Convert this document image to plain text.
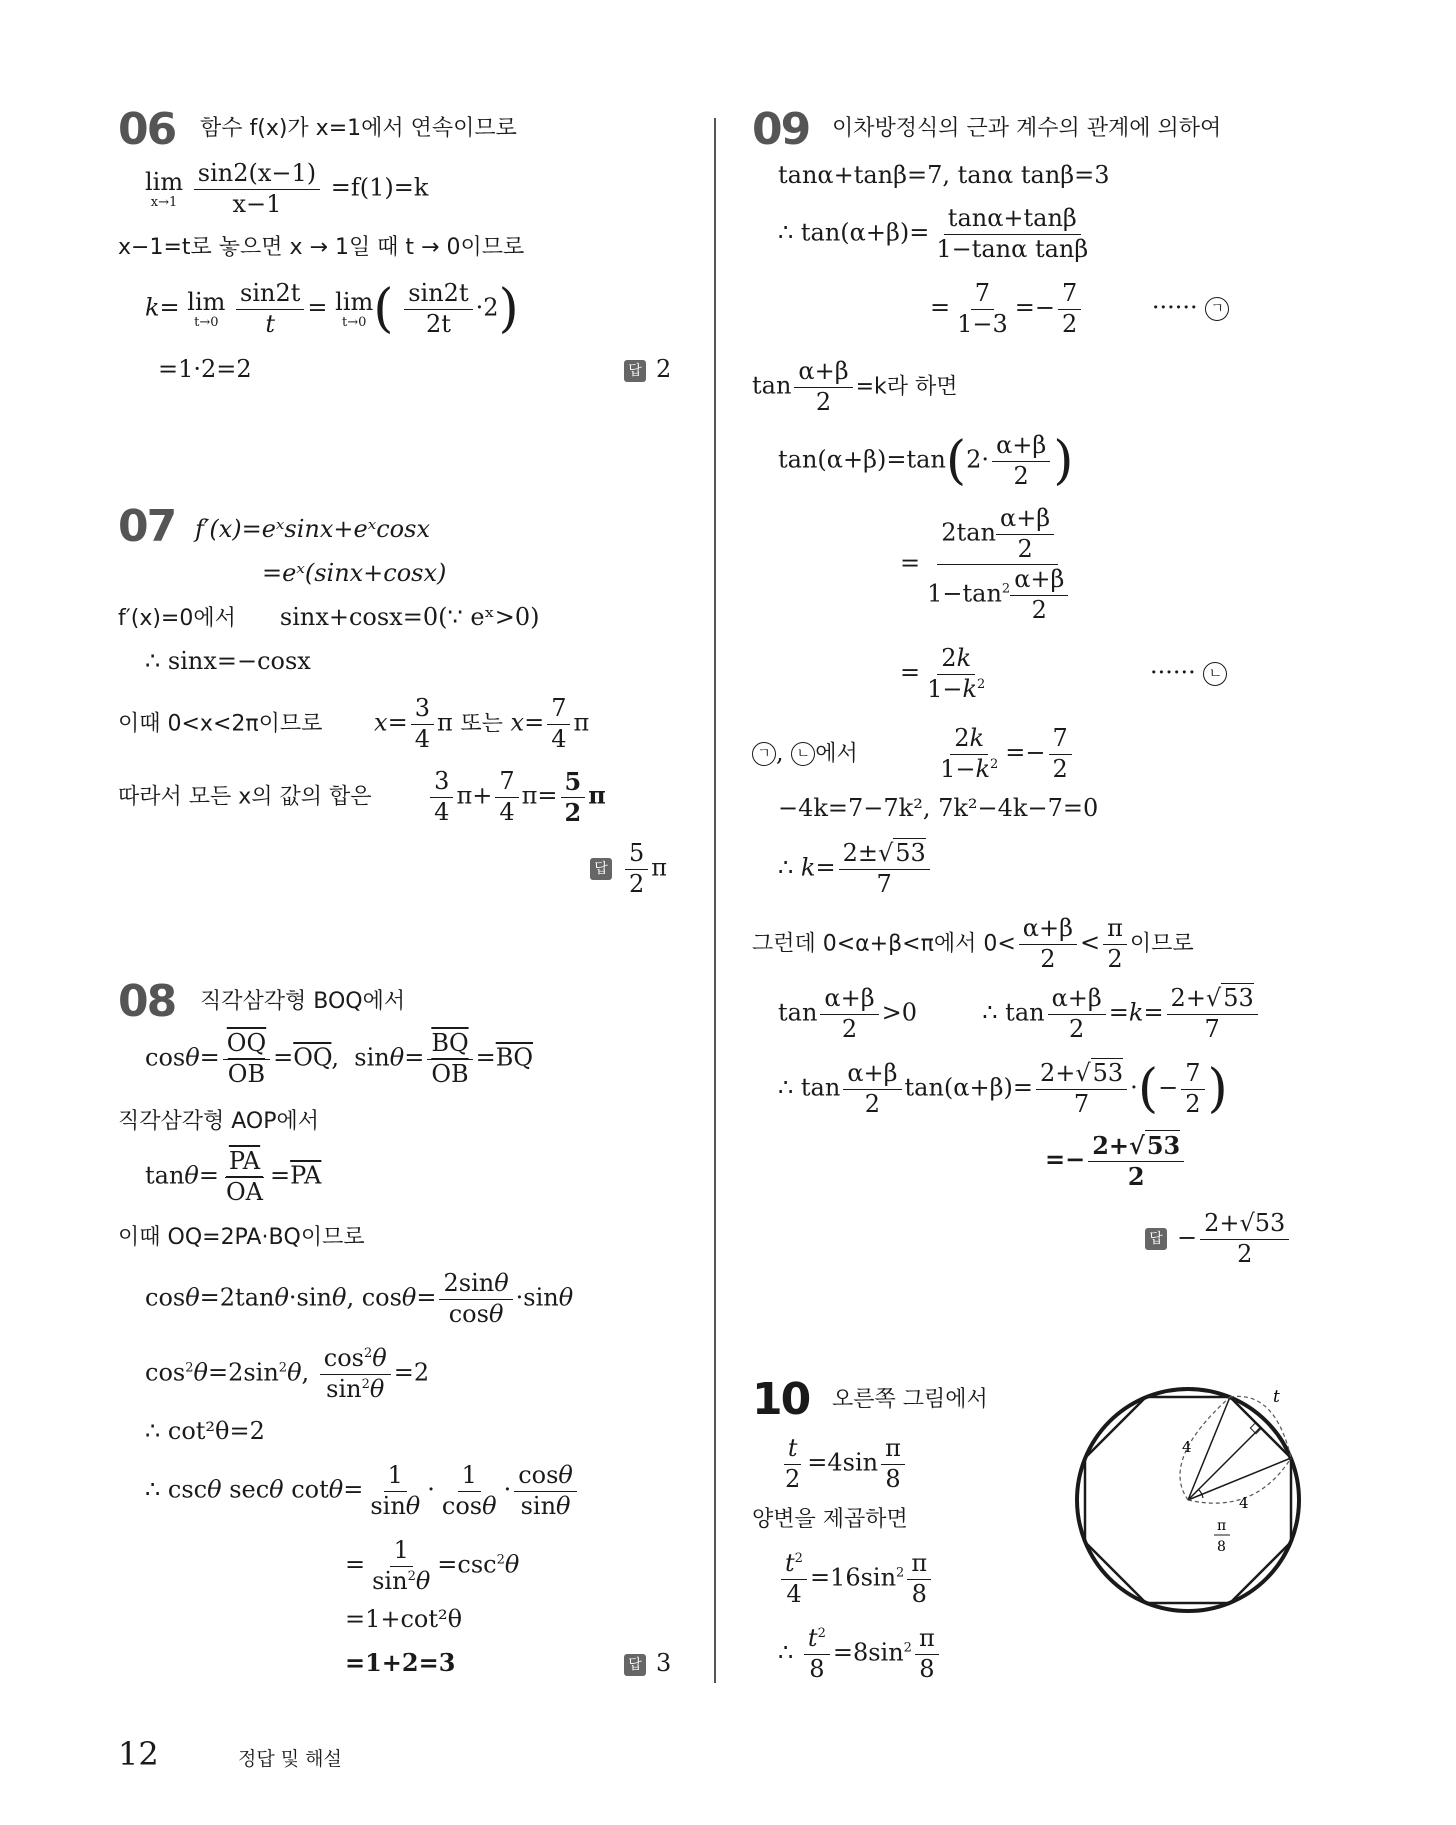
06 함수 f(x)가 x=1에서 연속이므로
lim
x→1
$\frac{\sin 2(x-1)}{x-1} =f(1)=k$
x−1=t로 놓으면 x → 1일 때 t → 0이므로
k= lim
t→0
$\frac{\sin 2t}{t} = \lim$
t→0 ( $\frac{\sin 2t}{2t} \cdot 2$)
=1·2=2	답 2
07 f′(x)=eˣsinx+eˣcosx
=eˣ(sinx+cosx)
f′(x)=0에서 sinx+cosx=0(∵ eˣ>0)
∴ sinx=−cosx
이때 0<x<2π이므로 $x= \frac{3}{4}$ π 또는 $x= \frac{7}{4}$ π
따라서 모든 x의 값의 합은 $\frac{3}{4} \pi+ \frac{7}{4} \pi= \frac{5}{2}$ π
답 $\frac{5}{2}$ π
08 직각삼각형 BOQ에서
$\cos\theta= \frac{\overline{OQ}}{OB} =\overline{OQ}$,  $\sin\theta= \frac{\overline{BQ}}{OB} =\overline{BQ}$
직각삼각형 AOP에서
$\tan\theta= \frac{\overline{PA}}{OA} =\overline{PA}$
이때 OQ=2PA·BQ이므로
cosθ=2tanθ·sinθ, $\cos\theta= \frac{2\sin\theta}{\cos\theta} \cdot\sin\theta$
$\cos^2\theta=2\sin^2\theta$, $\frac{\cos^2\theta}{\sin^2\theta} =2$
∴ cot²θ=2
∴ cscθ secθ $\cot\theta= \frac{1}{\sin\theta} \cdot \frac{1}{\cos\theta} \cdot \frac{\cos\theta}{\sin\theta}$
= $\frac{1}{\sin^2\theta} =\csc^2\theta$
=1+cot²θ
=1+2=3	답 3
09 이차방정식의 근과 계수의 관계에 의하여
tanα+tanβ=7, tanα tanβ=3
∴ $\tan(\alpha+\beta)= \frac{\tan\alpha+\tan\beta}{\text{1−tanα tanβ}}$
= $\frac{7}{1-3} =- \frac{7}{2}$	······ ㄱ
$\tan \frac{\alpha+\beta}{2} =k$라 하면
$\tan(\alpha+\beta)=\tan(2\cdot \frac{\alpha+\beta}{2}$ )
= $\frac{2\tan \frac{\alpha+\beta}{2}}{1-\tan^2 \frac{\alpha+\beta}{2}}$
= $\frac{2k}{1-k^2}$	······ ㄴ
ㄱ , ㄴ 에서	$\frac{2k}{1-k^2} =- \frac{7}{2}$
−4k=7−7k², 7k²−4k−7=0
∴ $k= \frac{2\pm√53}{7}$
그런데 0<α+β<π에서 $0< \frac{\alpha+\beta}{2} < \frac{\pi}{2}$ 이므로
$\tan \frac{\alpha+\beta}{2} >0$  ∴ $\tan \frac{\alpha+\beta}{2} =k= \frac{2+√53}{7}$
∴ $\tan \frac{\alpha+\beta}{2} \tan(\alpha+\beta)= \frac{2+√53}{7}$ ·(− $\frac{7}{2}$ )
=− $\frac{2+√53}{2}$
답 − $\frac{2+√53}{2}$
10 오른쪽 그림에서
$\frac{t}{2} =4\sin \frac{\pi}{8}$
양변을 제곱하면
$\frac{t^2}{4} =16\sin^2 \frac{\pi}{8}$
∴ $\frac{t^2}{8} =8\sin^2 \frac{\pi}{8}$
t
4
4
π
8
12	정답 및 해설
